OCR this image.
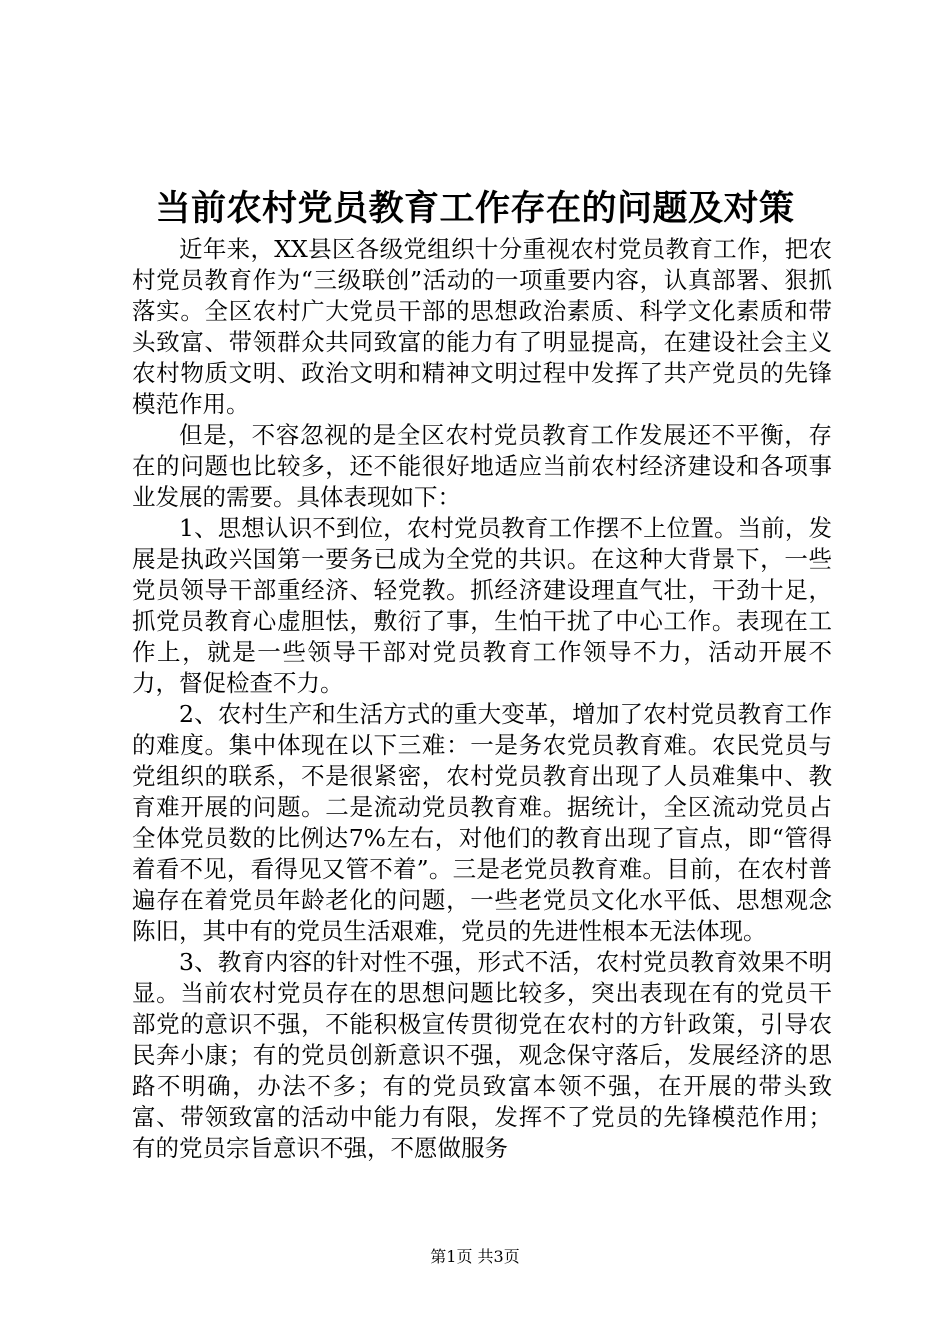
当前农村党员教育工作存在的问题及对策

近年来，XX县区各级党组织十分重视农村党员教育工作，把农村党员教育作为“三级联创”活动的一项重要内容，认真部署、狠抓落实。全区农村广大党员干部的思想政治素质、科学文化素质和带头致富、带领群众共同致富的能力有了明显提高，在建设社会主义农村物质文明、政治文明和精神文明过程中发挥了共产党员的先锋模范作用。

但是，不容忽视的是全区农村党员教育工作发展还不平衡，存在的问题也比较多，还不能很好地适应当前农村经济建设和各项事业发展的需要。具体表现如下：

1、思想认识不到位，农村党员教育工作摆不上位置。当前，发展是执政兴国第一要务已成为全党的共识。在这种大背景下，一些党员领导干部重经济、轻党教。抓经济建设理直气壮，干劲十足，抓党员教育心虚胆怯，敷衍了事，生怕干扰了中心工作。表现在工作上，就是一些领导干部对党员教育工作领导不力，活动开展不力，督促检查不力。

2、农村生产和生活方式的重大变革，增加了农村党员教育工作的难度。集中体现在以下三难：一是务农党员教育难。农民党员与党组织的联系，不是很紧密，农村党员教育出现了人员难集中、教育难开展的问题。二是流动党员教育难。据统计，全区流动党员占全体党员数的比例达7%左右，对他们的教育出现了盲点，即“管得着看不见，看得见又管不着”。三是老党员教育难。目前，在农村普遍存在着党员年龄老化的问题，一些老党员文化水平低、思想观念陈旧，其中有的党员生活艰难，党员的先进性根本无法体现。

3、教育内容的针对性不强，形式不活，农村党员教育效果不明显。当前农村党员存在的思想问题比较多，突出表现在有的党员干部党的意识不强，不能积极宣传贯彻党在农村的方针政策，引导农民奔小康；有的党员创新意识不强，观念保守落后，发展经济的思路不明确，办法不多；有的党员致富本领不强，在开展的带头致富、带领致富的活动中能力有限，发挥不了党员的先锋模范作用；有的党员宗旨意识不强，不愿做服务

第1页 共3页
